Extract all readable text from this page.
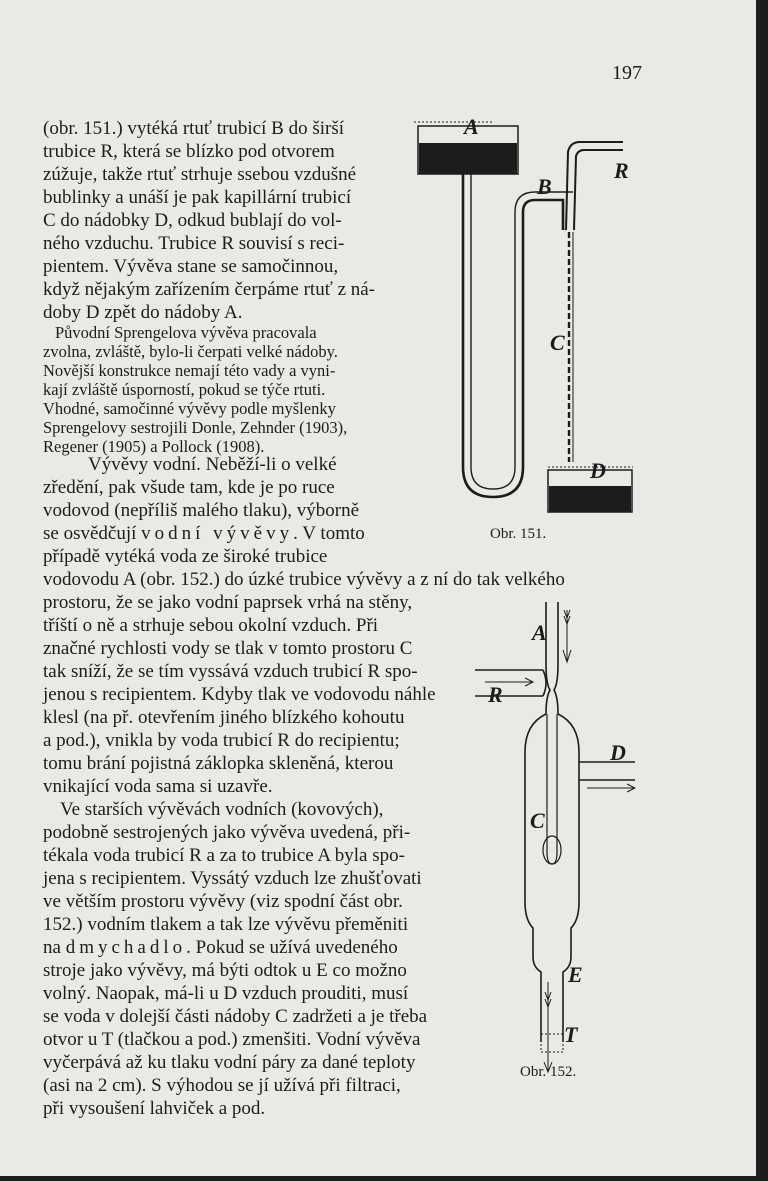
197
(obr. 151.) vytéká rtuť trubicí B do širší
trubice R, která se blízko pod otvorem
zúžuje, takže rtuť strhuje ssebou vzdušné
bublinky a unáší je pak kapillární trubicí
C do nádobky D, odkud bublají do vol-
ného vzduchu. Trubice R souvisí s reci-
pientem. Vývěva stane se samočinnou,
když nějakým zařízením čerpáme rtuť z ná-
doby D zpět do nádoby A.
Původní Sprengelova vývěva pracovala
zvolna, zvláště, bylo-li čerpati velké nádoby.
Novější konstrukce nemají této vady a vyni-
kají zvláště úsporností, pokud se týče rtuti.
Vhodné, samočinné vývěvy podle myšlenky
Sprengelovy sestrojili Donle, Zehnder (1903),
Regener (1905) a Pollock (1908).
Vývěvy vodní. Neběží-li o velké
zředění, pak všude tam, kde je po ruce
vodovod (nepříliš malého tlaku), výborně
se osvědčují vodní vývěvy. V tomto
případě vytéká voda ze široké trubice
vodovodu A (obr. 152.) do úzké trubice vývěvy a z ní do tak velkého
prostoru, že se jako vodní paprsek vrhá na stěny,
tříští o ně a strhuje sebou okolní vzduch. Při
značné rychlosti vody se tlak v tomto prostoru C
tak sníží, že se tím vyssává vzduch trubicí R spo-
jenou s recipientem. Kdyby tlak ve vodovodu náhle
klesl (na př. otevřením jiného blízkého kohoutu
a pod.), vnikla by voda trubicí R do recipientu;
tomu brání pojistná záklopka skleněná, kterou
vnikající voda sama si uzavře.
Ve starších vývěvách vodních (kovových),
podobně sestrojených jako vývěva uvedená, při-
tékala voda trubicí R a za to trubice A byla spo-
jena s recipientem. Vyssátý vzduch lze zhušťovati
ve větším prostoru vývěvy (viz spodní část obr.
152.) vodním tlakem a tak lze vývěvu přeměniti
na dmychadlo. Pokud se užívá uvedeného
stroje jako vývěvy, má býti odtok u E co možno
volný. Naopak, má-li u D vzduch prouditi, musí
se voda v dolejší části nádoby C zadržeti a je třeba
otvor u T (tlačkou a pod.) zmenšiti. Vodní vývěva
vyčerpává až ku tlaku vodní páry za dané teploty
(asi na 2 cm). S výhodou se jí užívá při filtraci,
při vysoušení lahviček a pod.
A
B
R
C
D
Obr. 151.
A
R
D
C
E
T
Obr. 152.
